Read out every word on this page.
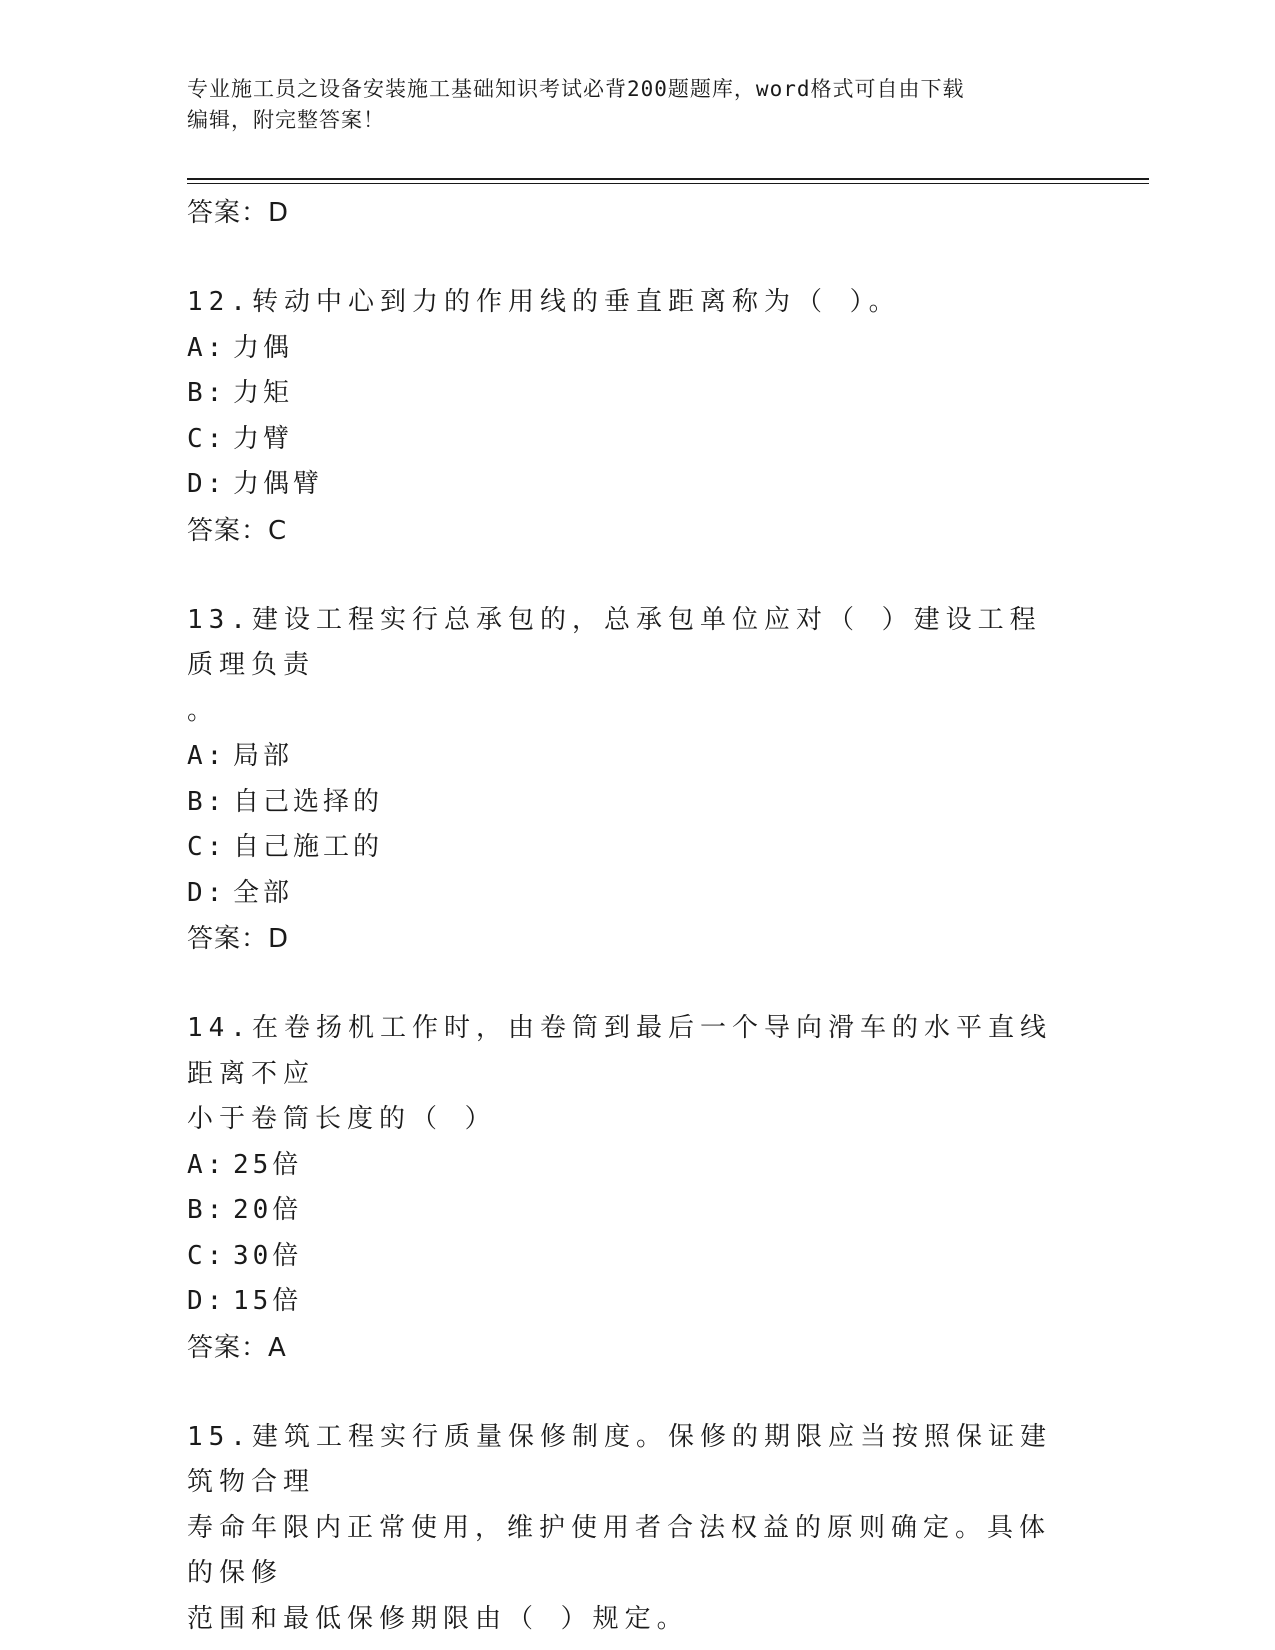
专业施工员之设备安装施工基础知识考试必背200题题库，word格式可自由下载
编辑，附完整答案！
答案：D
12.转动中心到力的作用线的垂直距离称为（ ）。
A: 力偶
B: 力矩
C: 力臂
D: 力偶臂
答案：C
13.建设工程实行总承包的，总承包单位应对（ ）建设工程质理负责
。
A: 局部
B: 自己选择的
C: 自己施工的
D: 全部
答案：D
14.在卷扬机工作时，由卷筒到最后一个导向滑车的水平直线距离不应
小于卷筒长度的（ ）
A: 25倍
B: 20倍
C: 30倍
D: 15倍
答案：A
15.建筑工程实行质量保修制度。保修的期限应当按照保证建筑物合理
寿命年限内正常使用，维护使用者合法权益的原则确定。具体的保修
范围和最低保修期限由（ ）规定。
